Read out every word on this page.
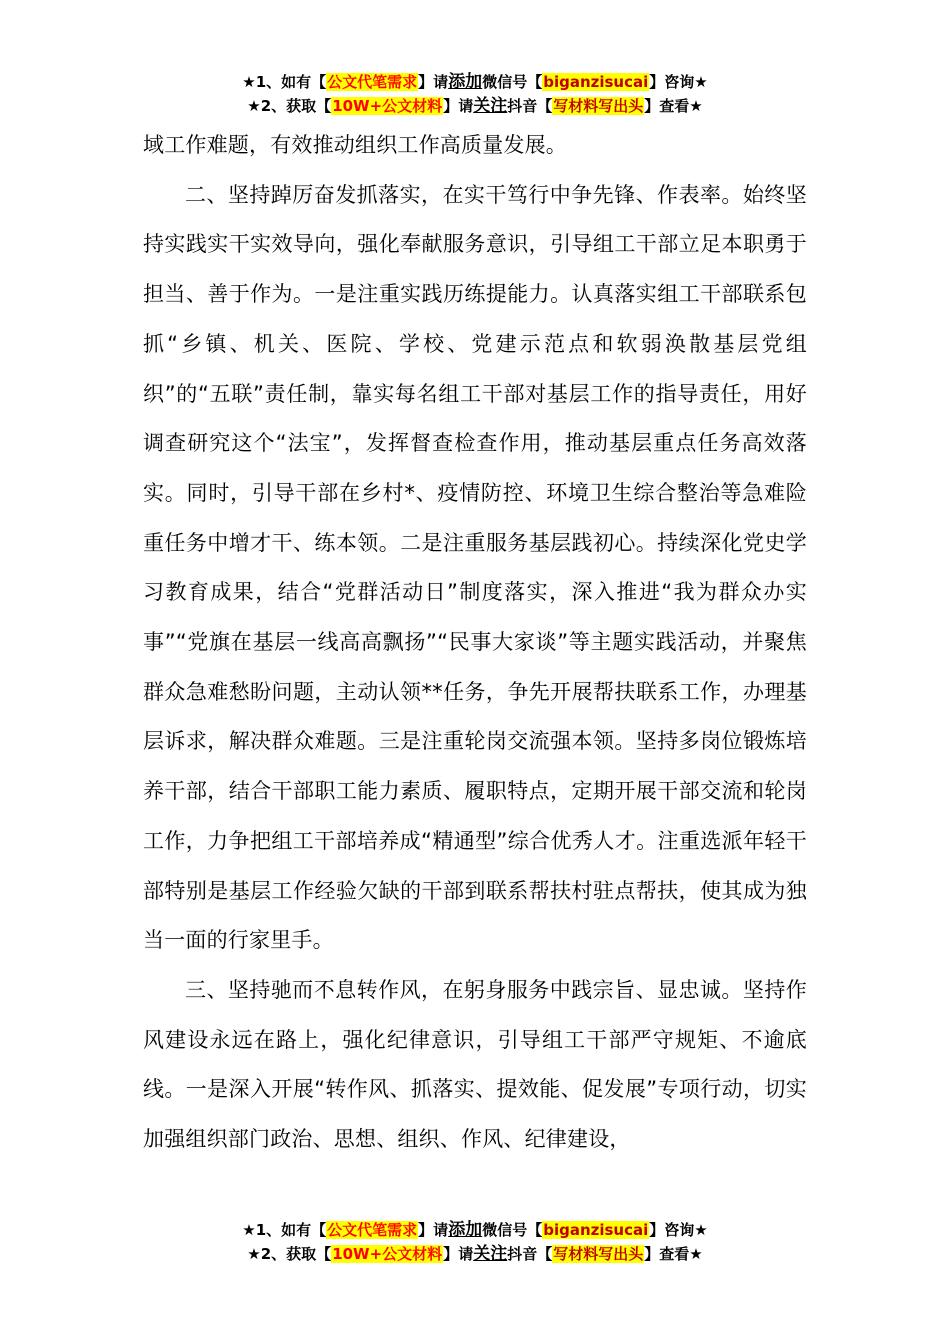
★1、如有【公文代笔需求】请添加微信号【biganzisucai】咨询★
★2、获取【10W+公文材料】请关注抖音【写材料写出头】查看★

域工作难题，有效推动组织工作高质量发展。

二、坚持踔厉奋发抓落实，在实干笃行中争先锋、作表率。始终坚持实践实干实效导向，强化奉献服务意识，引导组工干部立足本职勇于担当、善于作为。一是注重实践历练提能力。认真落实组工干部联系包抓“乡镇、机关、医院、学校、党建示范点和软弱涣散基层党组织”的“五联”责任制，靠实每名组工干部对基层工作的指导责任，用好调查研究这个“法宝”，发挥督查检查作用，推动基层重点任务高效落实。同时，引导干部在乡村*、疫情防控、环境卫生综合整治等急难险重任务中增才干、练本领。二是注重服务基层践初心。持续深化党史学习教育成果，结合“党群活动日”制度落实，深入推进“我为群众办实事”“党旗在基层一线高高飘扬”“民事大家谈”等主题实践活动，并聚焦群众急难愁盼问题，主动认领**任务，争先开展帮扶联系工作，办理基层诉求，解决群众难题。三是注重轮岗交流强本领。坚持多岗位锻炼培养干部，结合干部职工能力素质、履职特点，定期开展干部交流和轮岗工作，力争把组工干部培养成“精通型”综合优秀人才。注重选派年轻干部特别是基层工作经验欠缺的干部到联系帮扶村驻点帮扶，使其成为独当一面的行家里手。

三、坚持驰而不息转作风，在躬身服务中践宗旨、显忠诚。坚持作风建设永远在路上，强化纪律意识，引导组工干部严守规矩、不逾底线。一是深入开展“转作风、抓落实、提效能、促发展”专项行动，切实加强组织部门政治、思想、组织、作风、纪律建设，

★1、如有【公文代笔需求】请添加微信号【biganzisucai】咨询★
★2、获取【10W+公文材料】请关注抖音【写材料写出头】查看★
